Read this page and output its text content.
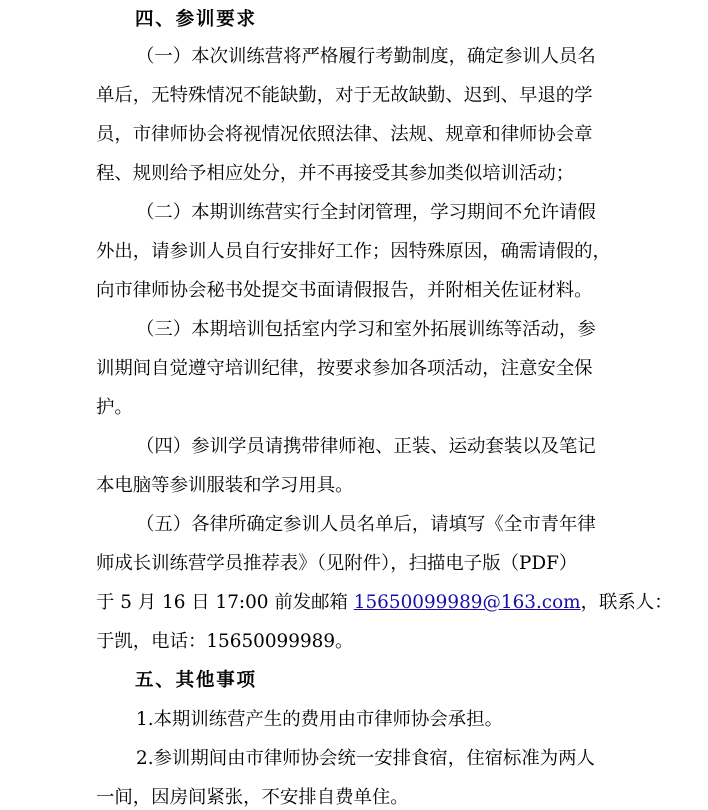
四、参训要求
（一）本次训练营将严格履行考勤制度，确定参训人员名
单后，无特殊情况不能缺勤，对于无故缺勤、迟到、早退的学
员，市律师协会将视情况依照法律、法规、规章和律师协会章
程、规则给予相应处分，并不再接受其参加类似培训活动；
（二）本期训练营实行全封闭管理，学习期间不允许请假
外出，请参训人员自行安排好工作；因特殊原因，确需请假的，
向市律师协会秘书处提交书面请假报告，并附相关佐证材料。
（三）本期培训包括室内学习和室外拓展训练等活动，参
训期间自觉遵守培训纪律，按要求参加各项活动，注意安全保
护。
（四）参训学员请携带律师袍、正装、运动套装以及笔记
本电脑等参训服装和学习用具。
（五）各律所确定参训人员名单后，请填写《全市青年律
师成长训练营学员推荐表》（见附件），扫描电子版（PDF）
于 5 月 16 日 17:00 前发邮箱 15650099989@163.com，联系人：
于凯，电话：15650099989。
五、其他事项
1.本期训练营产生的费用由市律师协会承担。
2.参训期间由市律师协会统一安排食宿，住宿标准为两人
一间，因房间紧张，不安排自费单住。
